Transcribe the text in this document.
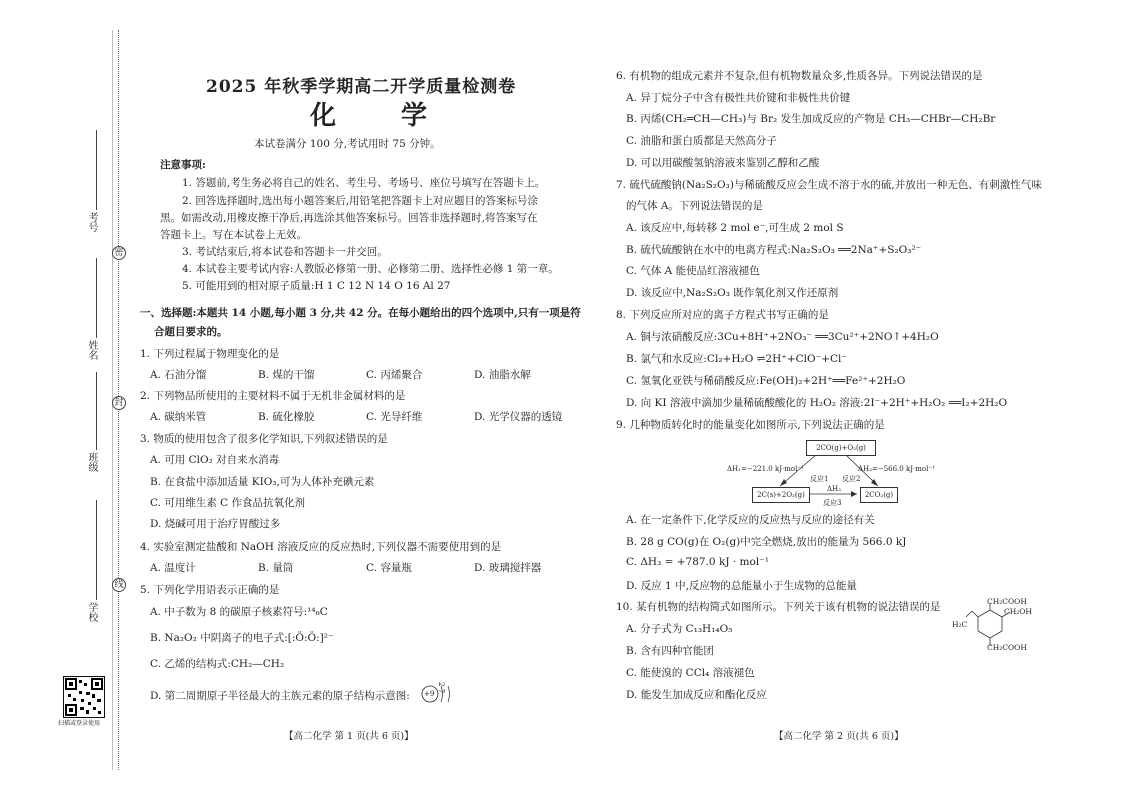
考号
姓名
班级
学校
密
封
线
扫描或登录使用
2025 年秋季学期高二开学质量检测卷
化 学
本试卷满分 100 分,考试用时 75 分钟。
注意事项:
1. 答题前,考生务必将自己的姓名、考生号、考场号、座位号填写在答题卡上。
2. 回答选择题时,选出每小题答案后,用铅笔把答题卡上对应题目的答案标号涂
黑。如需改动,用橡皮擦干净后,再选涂其他答案标号。回答非选择题时,将答案写在
答题卡上。写在本试卷上无效。
3. 考试结束后,将本试卷和答题卡一并交回。
4. 本试卷主要考试内容:人教版必修第一册、必修第二册、选择性必修 1 第一章。
5. 可能用到的相对原子质量:H 1 C 12 N 14 O 16 Al 27
一、选择题:本题共 14 小题,每小题 3 分,共 42 分。在每小题给出的四个选项中,只有一项是符
合题目要求的。
1. 下列过程属于物理变化的是
A. 石油分馏	B. 煤的干馏	C. 丙烯聚合	D. 油脂水解
2. 下列物品所使用的主要材料不属于无机非金属材料的是
A. 碳纳米管	B. 硫化橡胶	C. 光导纤维	D. 光学仪器的透镜
3. 物质的使用包含了很多化学知识,下列叙述错误的是
A. 可用 ClO₂ 对自来水消毒
B. 在食盐中添加适量 KIO₃,可为人体补充碘元素
C. 可用维生素 C 作食品抗氧化剂
D. 烧碱可用于治疗胃酸过多
4. 实验室测定盐酸和 NaOH 溶液反应的反应热时,下列仪器不需要使用到的是
A. 温度计	B. 量筒	C. 容量瓶	D. 玻璃搅拌器
5. 下列化学用语表示正确的是
A. 中子数为 8 的碳原子核素符号:¹⁴₆C
B. Na₂O₂ 中阴离子的电子式:[:Ö:Ö:]²⁻
C. 乙烯的结构式:CH₂—CH₂
D. 第二周期原子半径最大的主族元素的原子结构示意图: +9
2 7
【高二化学 第 1 页(共 6 页)】
6. 有机物的组成元素并不复杂,但有机物数量众多,性质各异。下列说法错误的是
A. 异丁烷分子中含有极性共价键和非极性共价键
B. 丙烯(CH₂═CH—CH₃)与 Br₂ 发生加成反应的产物是 CH₃—CHBr—CH₂Br
C. 油脂和蛋白质都是天然高分子
D. 可以用碳酸氢钠溶液来鉴别乙醇和乙酸
7. 硫代硫酸钠(Na₂S₂O₃)与稀硫酸反应会生成不溶于水的硫,并放出一种无色、有刺激性气味
的气体 A。下列说法错误的是
A. 该反应中,每转移 2 mol e⁻,可生成 2 mol S
B. 硫代硫酸钠在水中的电离方程式:Na₂S₂O₃ ══2Na⁺+S₂O₃²⁻
C. 气体 A 能使品红溶液褪色
D. 该反应中,Na₂S₂O₃ 既作氧化剂又作还原剂
8. 下列反应所对应的离子方程式书写正确的是
A. 铜与浓硝酸反应:3Cu+8H⁺+2NO₃⁻ ══3Cu²⁺+2NO↑+4H₂O
B. 氯气和水反应:Cl₂+H₂O ⇌2H⁺+ClO⁻+Cl⁻
C. 氢氧化亚铁与稀硝酸反应:Fe(OH)₂+2H⁺══Fe²⁺+2H₂O
D. 向 KI 溶液中滴加少量稀硫酸酸化的 H₂O₂ 溶液:2I⁻+2H⁺+H₂O₂ ══I₂+2H₂O
9. 几种物质转化时的能量变化如图所示,下列说法正确的是
2CO(g)+O₂(g)
2C(s)+2O₂(g)	2CO₂(g)
ΔH₁=−221.0 kJ·mol⁻¹	ΔH₂=−566.0 kJ·mol⁻¹
反应1 反应2
ΔH₃
反应3
A. 在一定条件下,化学反应的反应热与反应的途径有关
B. 28 g CO(g)在 O₂(g)中完全燃烧,放出的能量为 566.0 kJ
C. ΔH₃ = +787.0 kJ · mol⁻¹
D. 反应 1 中,反应物的总能量小于生成物的总能量
10. 某有机物的结构简式如图所示。下列关于该有机物的说法错误的是
A. 分子式为 C₁₃H₁₄O₅
B. 含有四种官能团
C. 能使溴的 CCl₄ 溶液褪色
D. 能发生加成反应和酯化反应
CH₂COOH
CH₂OH
H₂C
CH₂COOH
【高二化学 第 2 页(共 6 页)】
